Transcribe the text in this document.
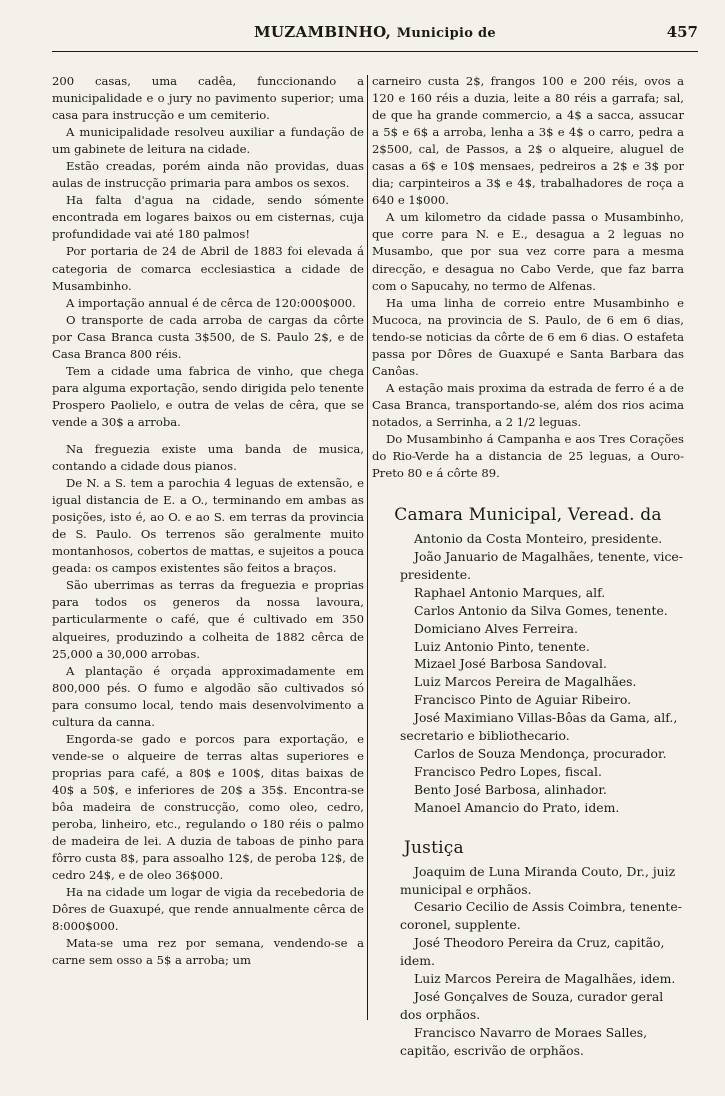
MUZAMBINHO, Municipio de	457

200 casas, uma cadêa, funccionando a municipalidade e o jury no pavimento superior; uma casa para instrucção e um cemiterio.

A municipalidade resolveu auxiliar a fundação de um gabinete de leitura na cidade.

Estão creadas, porém ainda não providas, duas aulas de instrucção primaria para ambos os sexos.

Ha falta d'agua na cidade, sendo sómente encontrada em logares baixos ou em cisternas, cuja profundidade vai até 180 palmos!

Por portaria de 24 de Abril de 1883 foi elevada á categoria de comarca ecclesiastica a cidade de Musambinho.

A importação annual é de cêrca de 120:000$000.

O transporte de cada arroba de cargas da côrte por Casa Branca custa 3$500, de S. Paulo 2$, e de Casa Branca 800 réis.

Tem a cidade uma fabrica de vinho, que chega para alguma exportação, sendo dirigida pelo tenente Prospero Paolielo, e outra de velas de cêra, que se vende a 30$ a arroba.

Na freguezia existe uma banda de musica, contando a cidade dous pianos.

De N. a S. tem a parochia 4 leguas de extensão, e igual distancia de E. a O., terminando em ambas as posições, isto é, ao O. e ao S. em terras da provincia de S. Paulo. Os terrenos são geralmente muito montanhosos, cobertos de mattas, e sujeitos a pouca geada: os campos existentes são feitos a braços.

São uberrimas as terras da freguezia e proprias para todos os generos da nossa lavoura, particularmente o café, que é cultivado em 350 alqueires, produzindo a colheita de 1882 cêrca de 25,000 a 30,000 arrobas.

A plantação é orçada approximadamente em 800,000 pés. O fumo e algodão são cultivados só para consumo local, tendo mais desenvolvimento a cultura da canna.

Engorda-se gado e porcos para exportação, e vende-se o alqueire de terras altas superiores e proprias para café, a 80$ e 100$, ditas baixas de 40$ a 50$, e inferiores de 20$ a 35$. Encontra-se bôa madeira de construcção, como oleo, cedro, peroba, linheiro, etc., regulando o 180 réis o palmo de madeira de lei. A duzia de taboas de pinho para fôrro custa 8$, para assoalho 12$, de peroba 12$, de cedro 24$, e de oleo 36$000.

Ha na cidade um logar de vigia da recebedoria de Dôres de Guaxupé, que rende annualmente cêrca de 8:000$000.

Mata-se uma rez por semana, vendendo-se a carne sem osso a 5$ a arroba; um

carneiro custa 2$, frangos 100 e 200 réis, ovos a 120 e 160 réis a duzia, leite a 80 réis a garrafa; sal, de que ha grande commercio, a 4$ a sacca, assucar a 5$ e 6$ a arroba, lenha a 3$ e 4$ o carro, pedra a 2$500, cal, de Passos, a 2$ o alqueire, aluguel de casas a 6$ e 10$ mensaes, pedreiros a 2$ e 3$ por dia; carpinteiros a 3$ e 4$, trabalhadores de roça a 640 e 1$000.

A um kilometro da cidade passa o Musambinho, que corre para N. e E., desagua a 2 leguas no Musambo, que por sua vez corre para a mesma direcção, e desagua no Cabo Verde, que faz barra com o Sapucahy, no termo de Alfenas.

Ha uma linha de correio entre Musambinho e Mucoca, na provincia de S. Paulo, de 6 em 6 dias, tendo-se noticias da côrte de 6 em 6 dias. O estafeta passa por Dôres de Guaxupé e Santa Barbara das Canôas.

A estação mais proxima da estrada de ferro é a de Casa Branca, transportando-se, além dos rios acima notados, a Serrinha, a 2 1/2 leguas.

Do Musambinho á Campanha e aos Tres Corações do Rio-Verde ha a distancia de 25 leguas, a Ouro-Preto 80 e á côrte 89.

Camara Municipal, Veread. da

Antonio da Costa Monteiro, presidente.

João Januario de Magalhães, tenente, vice-presidente.

Raphael Antonio Marques, alf.

Carlos Antonio da Silva Gomes, tenente.

Domiciano Alves Ferreira.

Luiz Antonio Pinto, tenente.

Mizael José Barbosa Sandoval.

Luiz Marcos Pereira de Magalhães.

Francisco Pinto de Aguiar Ribeiro.

José Maximiano Villas-Bôas da Gama, alf., secretario e bibliothecario.

Carlos de Souza Mendonça, procurador.

Francisco Pedro Lopes, fiscal.

Bento José Barbosa, alinhador.

Manoel Amancio do Prato, idem.

Justiça

Joaquim de Luna Miranda Couto, Dr., juiz municipal e orphãos.

Cesario Cecilio de Assis Coimbra, tenente-coronel, supplente.

José Theodoro Pereira da Cruz, capitão, idem.

Luiz Marcos Pereira de Magalhães, idem.

José Gonçalves de Souza, curador geral dos orphãos.

Francisco Navarro de Moraes Salles, capitão, escrivão de orphãos.
